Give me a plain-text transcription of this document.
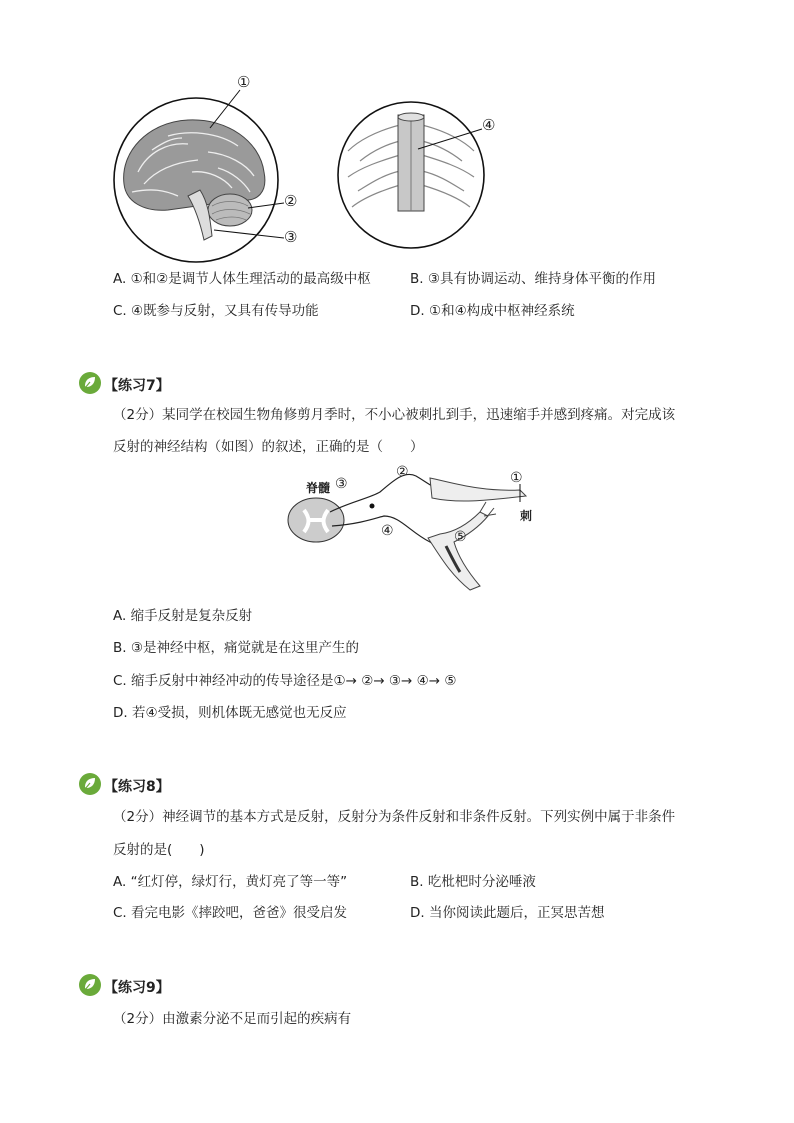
①
②
③
④
A. ①和②是调节人体生理活动的最高级中枢	B. ③具有协调运动、维持身体平衡的作用
C. ④既参与反射，又具有传导功能	D. ①和④构成中枢神经系统
【练习7】
（2分）某同学在校园生物角修剪月季时，不小心被刺扎到手，迅速缩手并感到疼痛。对完成该
反射的神经结构（如图）的叙述，正确的是（　　）
脊髓 ③
②	①
刺
④	⑤
A. 缩手反射是复杂反射
B. ③是神经中枢，痛觉就是在这里产生的
C. 缩手反射中神经冲动的传导途径是①→ ②→ ③→ ④→ ⑤
D. 若④受损，则机体既无感觉也无反应
【练习8】
（2分）神经调节的基本方式是反射，反射分为条件反射和非条件反射。下列实例中属于非条件
反射的是(　　)
A. “红灯停，绿灯行，黄灯亮了等一等”	B. 吃枇杷时分泌唾液
C. 看完电影《摔跤吧，爸爸》很受启发	D. 当你阅读此题后，正冥思苦想
【练习9】
（2分）由激素分泌不足而引起的疾病有
